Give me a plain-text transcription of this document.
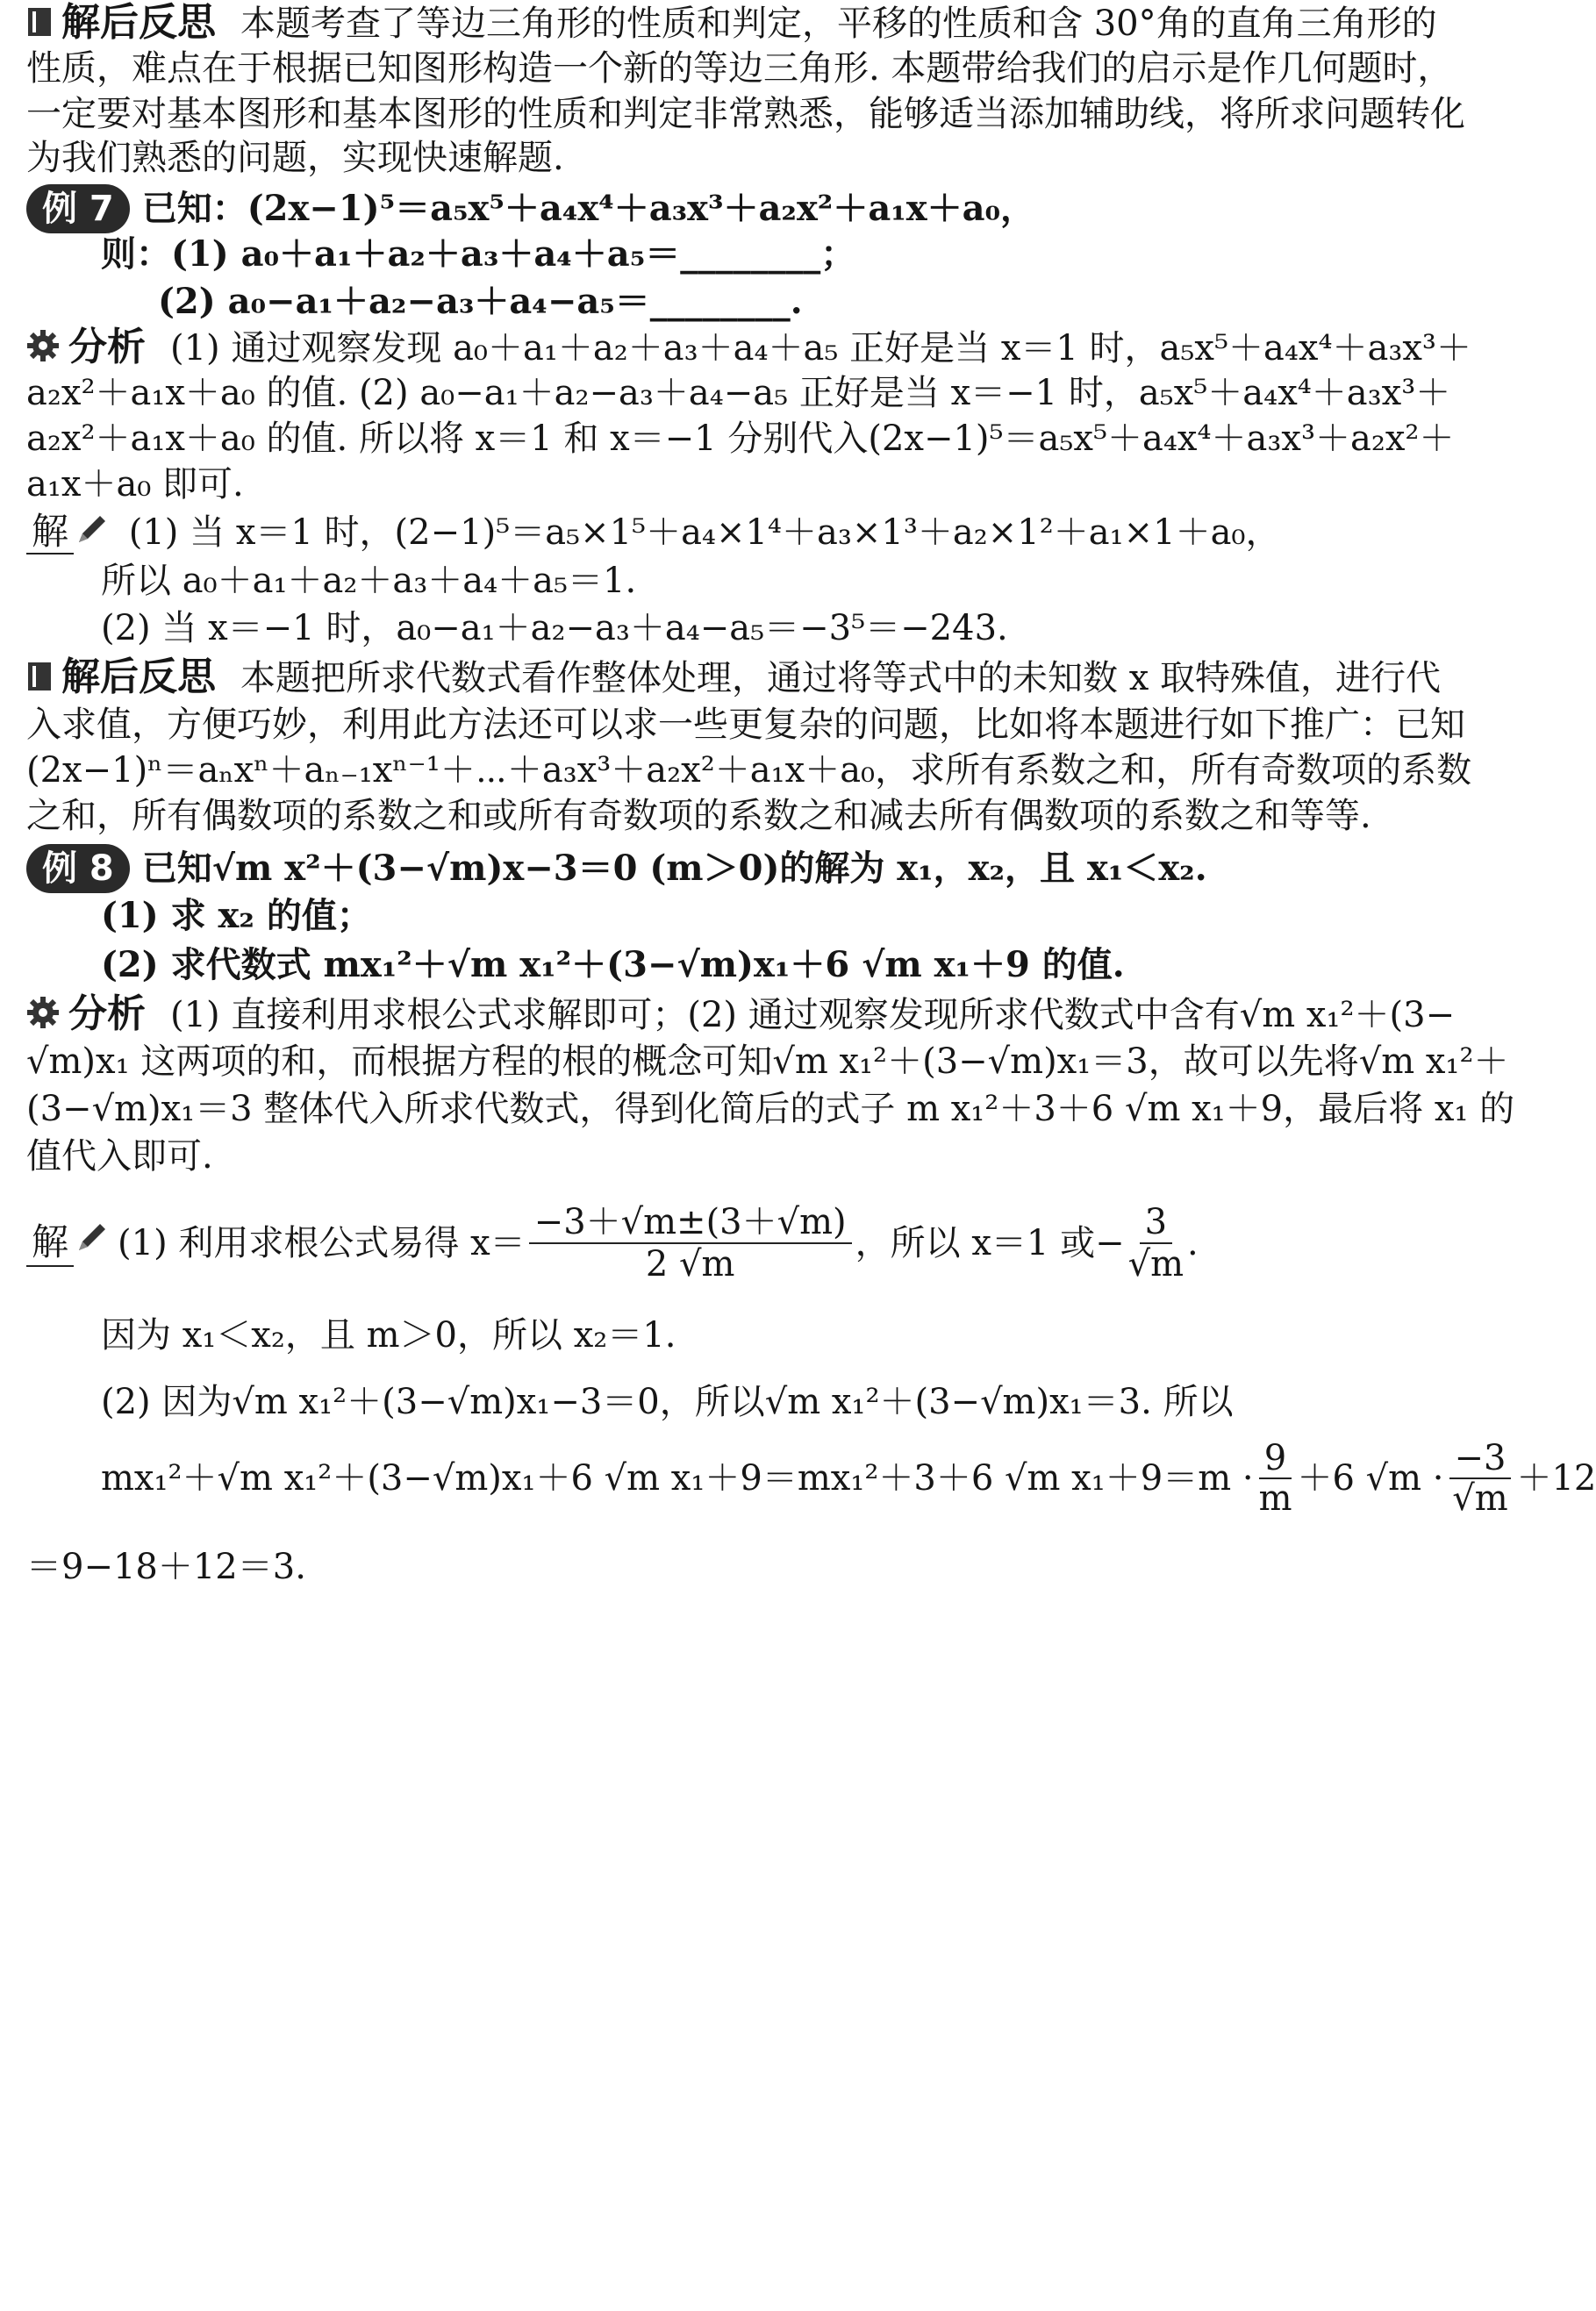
解后反思 本题考查了等边三角形的性质和判定，平移的性质和含 30°角的直角三角形的
性质，难点在于根据已知图形构造一个新的等边三角形. 本题带给我们的启示是作几何题时，
一定要对基本图形和基本图形的性质和判定非常熟悉，能够适当添加辅助线，将所求问题转化
为我们熟悉的问题，实现快速解题.
例 7 已知：(2x−1)⁵＝a₅x⁵＋a₄x⁴＋a₃x³＋a₂x²＋a₁x＋a₀，
则：(1) a₀＋a₁＋a₂＋a₃＋a₄＋a₅＝________；
(2) a₀−a₁＋a₂−a₃＋a₄−a₅＝________.
分析 (1) 通过观察发现 a₀＋a₁＋a₂＋a₃＋a₄＋a₅ 正好是当 x＝1 时，a₅x⁵＋a₄x⁴＋a₃x³＋
a₂x²＋a₁x＋a₀ 的值. (2) a₀−a₁＋a₂−a₃＋a₄−a₅ 正好是当 x＝−1 时，a₅x⁵＋a₄x⁴＋a₃x³＋
a₂x²＋a₁x＋a₀ 的值. 所以将 x＝1 和 x＝−1 分别代入(2x−1)⁵＝a₅x⁵＋a₄x⁴＋a₃x³＋a₂x²＋
a₁x＋a₀ 即可.
解 (1) 当 x＝1 时，(2−1)⁵＝a₅×1⁵＋a₄×1⁴＋a₃×1³＋a₂×1²＋a₁×1＋a₀，
所以 a₀＋a₁＋a₂＋a₃＋a₄＋a₅＝1.
(2) 当 x＝−1 时，a₀−a₁＋a₂−a₃＋a₄−a₅＝−3⁵＝−243.
解后反思 本题把所求代数式看作整体处理，通过将等式中的未知数 x 取特殊值，进行代
入求值，方便巧妙，利用此方法还可以求一些更复杂的问题，比如将本题进行如下推广：已知
(2x−1)ⁿ＝aₙxⁿ＋aₙ₋₁xⁿ⁻¹＋⋯＋a₃x³＋a₂x²＋a₁x＋a₀，求所有系数之和，所有奇数项的系数
之和，所有偶数项的系数之和或所有奇数项的系数之和减去所有偶数项的系数之和等等.
例 8 已知√m x²＋(3−√m)x−3＝0 (m＞0)的解为 x₁，x₂，且 x₁＜x₂.
(1) 求 x₂ 的值；
(2) 求代数式 mx₁²＋√m x₁²＋(3−√m)x₁＋6 √m x₁＋9 的值.
分析 (1) 直接利用求根公式求解即可；(2) 通过观察发现所求代数式中含有√m x₁²＋(3−
√m)x₁ 这两项的和，而根据方程的根的概念可知√m x₁²＋(3−√m)x₁＝3，故可以先将√m x₁²＋
(3−√m)x₁＝3 整体代入所求代数式，得到化简后的式子 m x₁²＋3＋6 √m x₁＋9，最后将 x₁ 的
值代入即可.
解 (1) 利用求根公式易得 x＝
−3＋√m±(3＋√m)
2 √m
，所以 x＝1 或− $\frac{3}{√m}$ .
因为 x₁＜x₂，且 m＞0，所以 x₂＝1.
(2) 因为√m x₁²＋(3−√m)x₁−3＝0，所以√m x₁²＋(3−√m)x₁＝3. 所以
mx₁²＋√m x₁²＋(3−√m)x₁＋6 √m x₁＋9＝mx₁²＋3＋6 √m x₁＋9＝m · 9
m ＋6 √m · −3
√m ＋12
＝9−18＋12＝3.
